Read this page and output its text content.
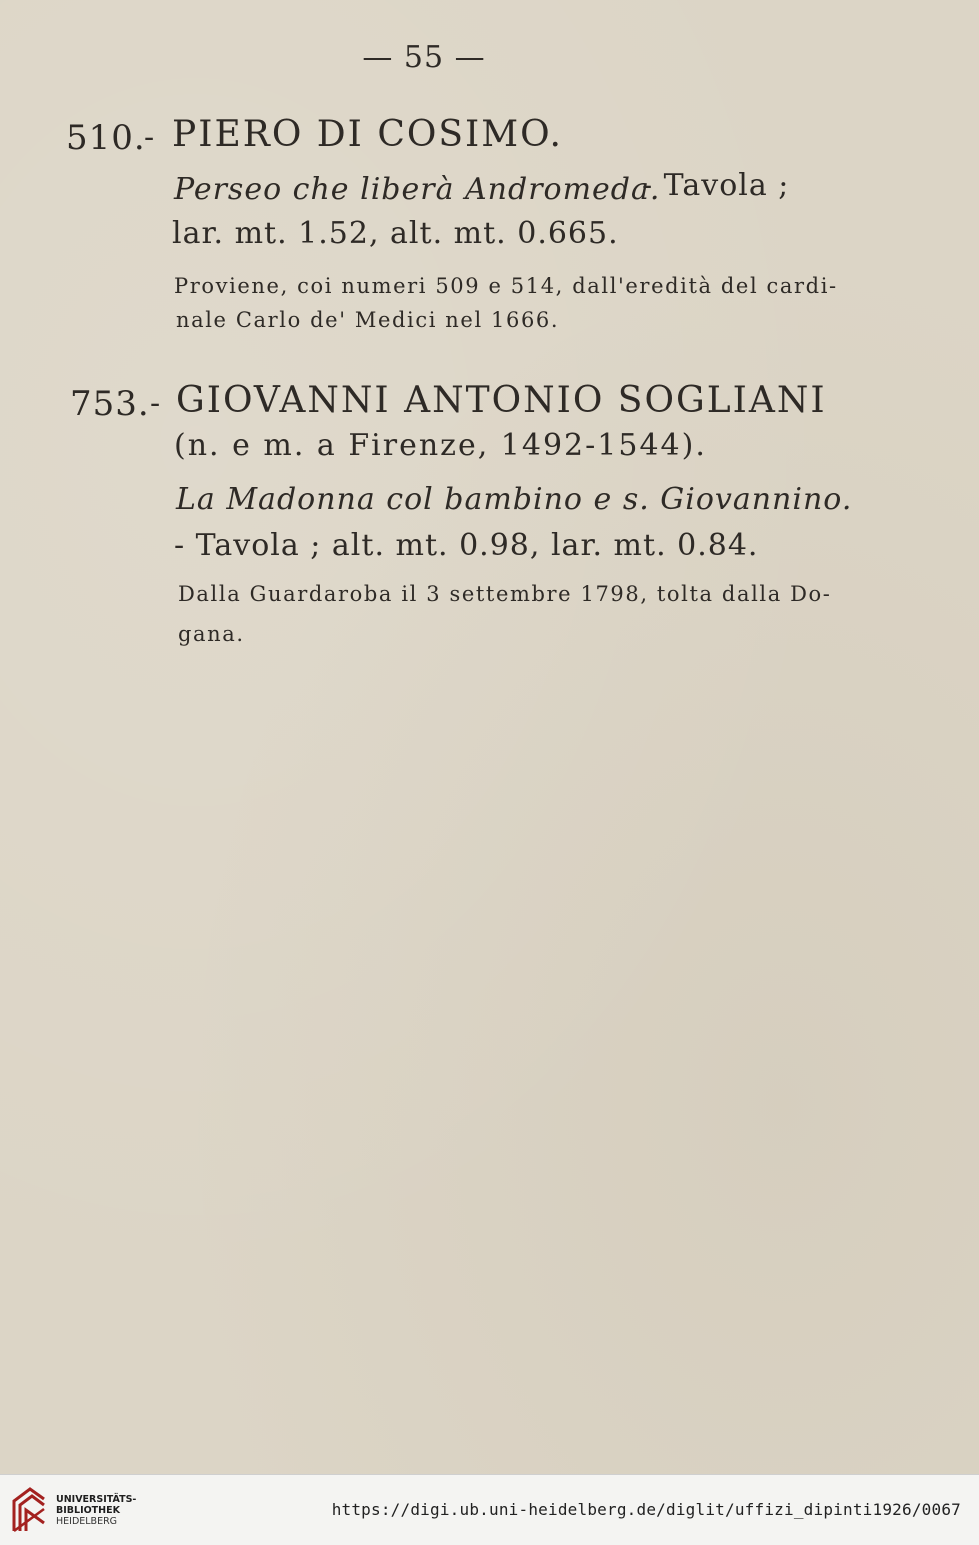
— 55 —
510.
- PIERO DI COSIMO.
Perseo che liberà Andromeda.
- Tavola ;
lar. mt. 1.52, alt. mt. 0.665.
Proviene, coi numeri 509 e 514, dall'eredità del cardi-
nale Carlo de' Medici nel 1666.
753. - GIOVANNI ANTONIO SOGLIANI
(n. e m. a Firenze, 1492-1544).
La Madonna col bambino e s. Giovannino.
- Tavola ; alt. mt. 0.98, lar. mt. 0.84.
Dalla Guardaroba il 3 settembre 1798, tolta dalla Do-
gana.
UNIVERSITÄTS-
BIBLIOTHEK
HEIDELBERG
https://digi.ub.uni-heidelberg.de/diglit/uffizi_dipinti1926/0067
